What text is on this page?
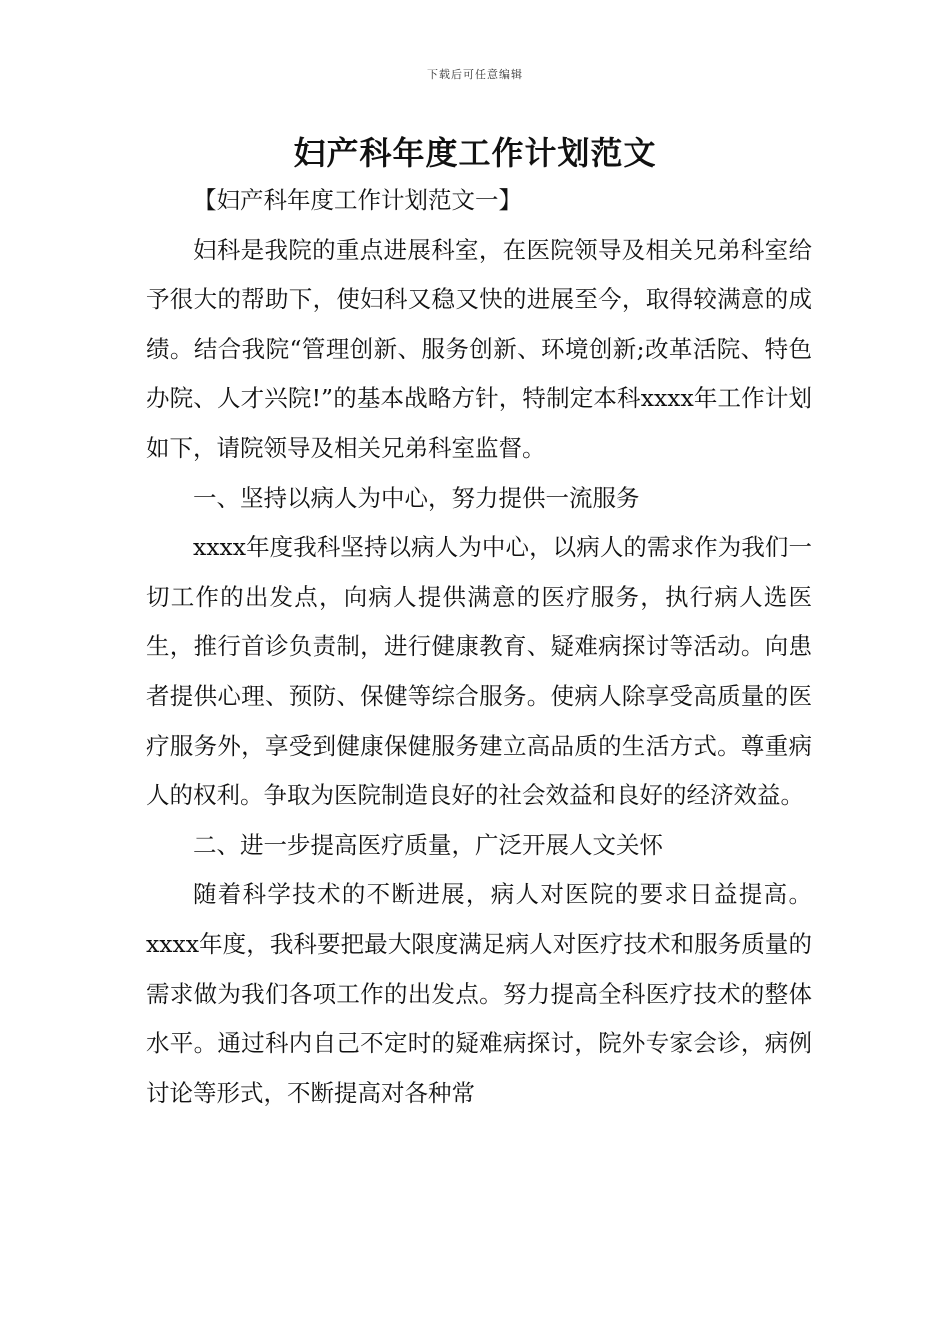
下载后可任意编辑
妇产科年度工作计划范文

【妇产科年度工作计划范文一】

妇科是我院的重点进展科室，在医院领导及相关兄弟科室给予很大的帮助下，使妇科又稳又快的进展至今，取得较满意的成绩。结合我院“管理创新、服务创新、环境创新;改革活院、特色办院、人才兴院!”的基本战略方针，特制定本科xxxx年工作计划如下，请院领导及相关兄弟科室监督。

一、坚持以病人为中心，努力提供一流服务

xxxx年度我科坚持以病人为中心，以病人的需求作为我们一切工作的出发点，向病人提供满意的医疗服务，执行病人选医生，推行首诊负责制，进行健康教育、疑难病探讨等活动。向患者提供心理、预防、保健等综合服务。使病人除享受高质量的医疗服务外，享受到健康保健服务建立高品质的生活方式。尊重病人的权利。争取为医院制造良好的社会效益和良好的经济效益。

二、进一步提高医疗质量，广泛开展人文关怀

随着科学技术的不断进展，病人对医院的要求日益提高。xxxx年度，我科要把最大限度满足病人对医疗技术和服务质量的需求做为我们各项工作的出发点。努力提高全科医疗技术的整体水平。通过科内自己不定时的疑难病探讨，院外专家会诊，病例讨论等形式，不断提高对各种常
